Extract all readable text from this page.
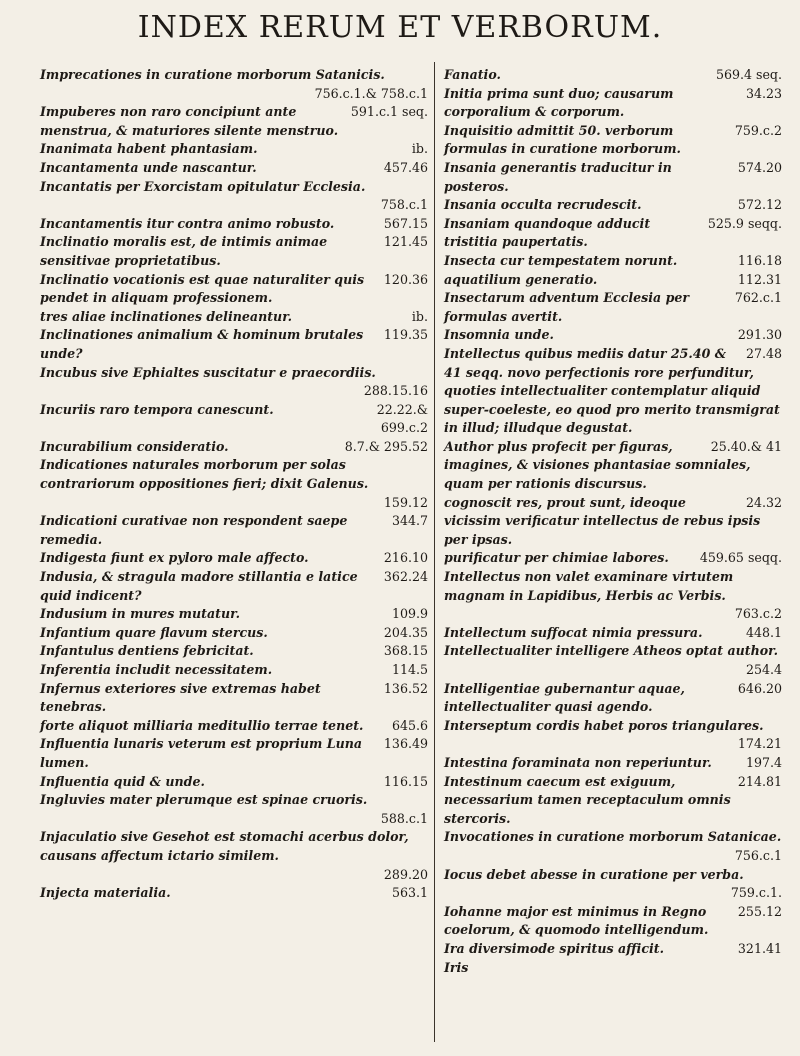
INDEX RERUM ET VERBORUM.
Imprecationes in curatione morborum Satanicis.
756.c.1.& 758.c.1
591.c.1 seq.
Impuberes non raro concipiunt ante menstrua, & maturiores silente menstruo.
ib.
Inanimata habent phantasiam.
457.46
Incantamenta unde nascantur.
Incantatis per Exorcistam opitulatur Ecclesia.
758.c.1
567.15
Incantamentis itur contra animo robusto.
121.45
Inclinatio moralis est, de intimis animae sensitivae proprietatibus.
120.36
Inclinatio vocationis est quae naturaliter quis pendet in aliquam professionem.
ib.
tres aliae inclinationes delineantur.
119.35
Inclinationes animalium & hominum brutales unde?
Incubus sive Ephialtes suscitatur e praecordiis.
288.15.16
22.22.&
Incuriis raro tempora canescunt.
699.c.2
8.7.& 295.52
Incurabilium consideratio.
Indicationes naturales morborum per solas contrariorum oppositiones fieri; dixit Galenus.
159.12
344.7
Indicationi curativae non respondent saepe remedia.
216.10
Indigesta fiunt ex pyloro male affecto.
362.24
Indusia, & stragula madore stillantia e latice quid indicent?
109.9
Indusium in mures mutatur.
204.35
Infantium quare flavum stercus.
368.15
Infantulus dentiens febricitat.
114.5
Inferentia includit necessitatem.
136.52
Infernus exteriores sive extremas habet tenebras.
645.6
forte aliquot milliaria meditullio terrae tenet.
136.49
Influentia lunaris veterum est proprium Luna lumen.
116.15
Influentia quid & unde.
Ingluvies mater plerumque est spinae cruoris.
588.c.1
Injaculatio sive Gesehot est stomachi acerbus dolor, causans affectum ictario similem.
289.20
563.1
Injecta materialia.
569.4 seq.
Fanatio.
34.23
Initia prima sunt duo; causarum corporalium & corporum.
759.c.2
Inquisitio admittit 50. verborum formulas in curatione morborum.
574.20
Insania generantis traducitur in posteros.
572.12
Insania occulta recrudescit.
525.9 seqq.
Insaniam quandoque adducit tristitia paupertatis.
116.18
Insecta cur tempestatem norunt.
112.31
aquatilium generatio.
762.c.1
Insectarum adventum Ecclesia per formulas avertit.
291.30
Insomnia unde.
27.48
Intellectus quibus mediis datur 25.40 & 41 seqq. novo perfectionis rore perfunditur, quoties intellectualiter contemplatur aliquid super-coeleste, eo quod pro merito transmigrat in illud; illudque degustat.
25.40.& 41
Author plus profecit per figuras, imagines, & visiones phantasiae somniales, quam per rationis discursus.
24.32
cognoscit res, prout sunt, ideoque vicissim verificatur intellectus de rebus ipsis per ipsas.
459.65 seqq.
purificatur per chimiae labores.
Intellectus non valet examinare virtutem magnam in Lapidibus, Herbis ac Verbis.
763.c.2
448.1
Intellectum suffocat nimia pressura.
Intellectualiter intelligere Atheos optat author.
254.4
646.20
Intelligentiae gubernantur aquae, intellectualiter quasi agendo.
Interseptum cordis habet poros triangulares.
174.21
197.4
Intestina foraminata non reperiuntur.
214.81
Intestinum caecum est exiguum, necessarium tamen receptaculum omnis stercoris.
Invocationes in curatione morborum Satanicae.
756.c.1
Iocus debet abesse in curatione per verba.
759.c.1.
255.12
Iohanne major est minimus in Regno coelorum, & quomodo intelligendum.
321.41
Ira diversimode spiritus afficit.
Iris
